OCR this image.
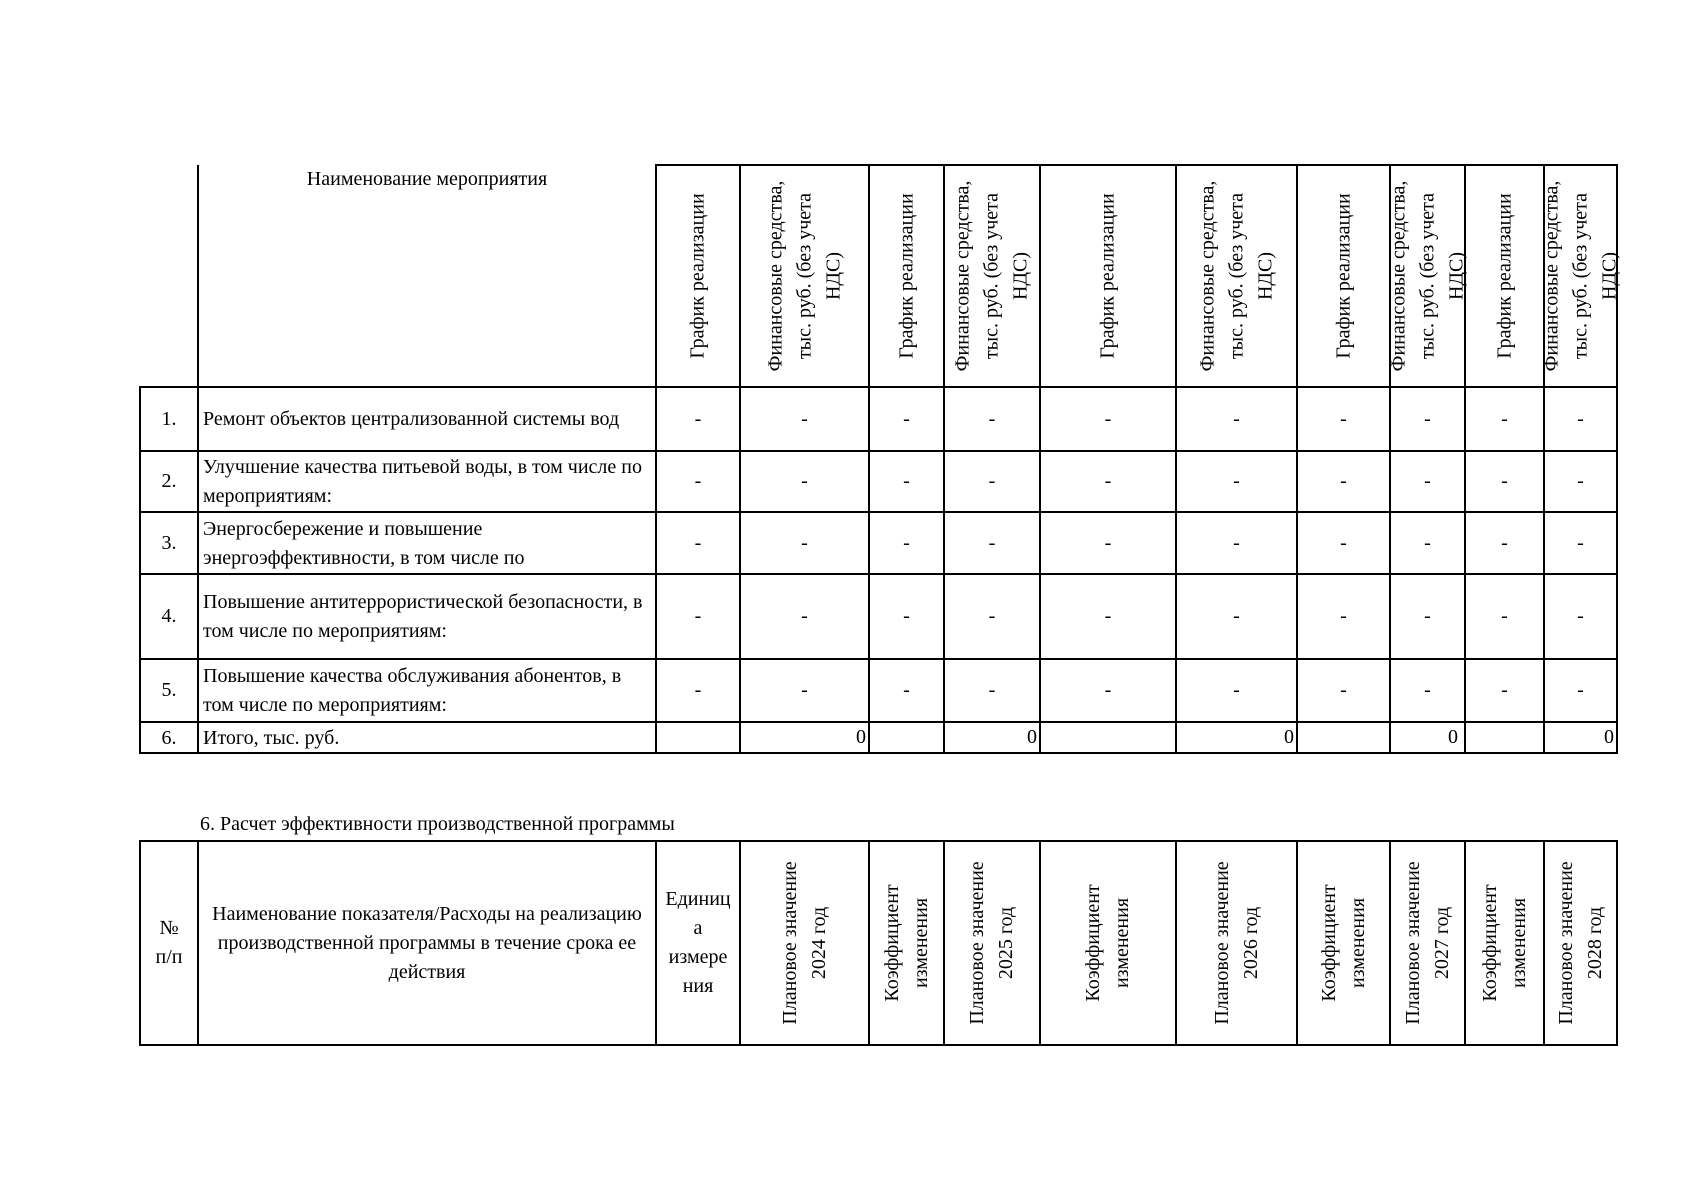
	Наименование мероприятия	График реализации	Финансовые средства,
тыс. руб. (без учета
НДС)	График реализации	Финансовые средства,
тыс. руб. (без учета
НДС)	График реализации	Финансовые средства,
тыс. руб. (без учета
НДС)	График реализации	Финансовые средства,
тыс. руб. (без учета
НДС)	График реализации	Финансовые средства,
тыс. руб. (без учета
НДС)

1.	Ремонт объектов централизованной системы вод	-	-	-	-	-	-	-	-	-	-
2.	Улучшение качества питьевой воды, в том числе по мероприятиям:	-	-	-	-	-	-	-	-	-	-
3.	Энергосбережение и повышение энергоэффективности, в том числе по	-	-	-	-	-	-	-	-	-	-
4.	Повышение антитеррористической безопасности, в том числе по мероприятиям:	-	-	-	-	-	-	-	-	-	-
5.	Повышение качества обслуживания абонентов, в том числе по мероприятиям:	-	-	-	-	-	-	-	-	-	-
6.	Итого, тыс. руб.		0		0		0		0		0
6. Расчет эффективности производственной программы
№
п/п	Наименование показателя/Расходы на реализацию производственной программы в течение срока ее действия	Единиц
а
измере
ния	Плановое значение
2024 год	Коэффициент
изменения	Плановое значение
2025 год	Коэффициент
изменения	Плановое значение
2026 год	Коэффициент
изменения	Плановое значение
2027 год	Коэффициент
изменения	Плановое значение
2028 год
